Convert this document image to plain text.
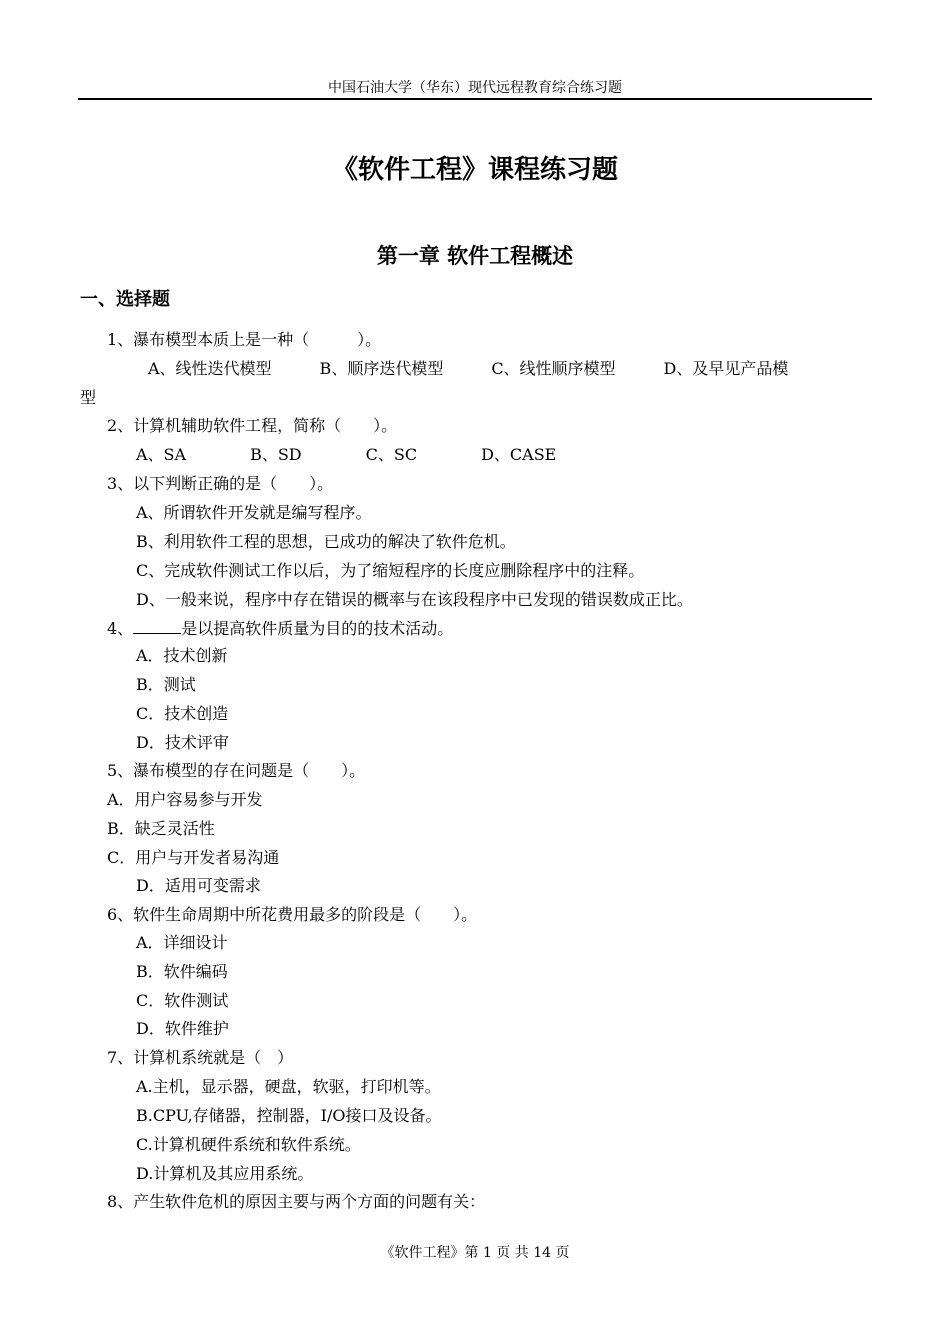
中国石油大学（华东）现代远程教育综合练习题
《软件工程》课程练习题
第一章 软件工程概述
一、选择题
1、瀑布模型本质上是一种（　　　）。
A、线性迭代模型　　　B、顺序迭代模型　　　C、线性顺序模型　　　D、及早见产品模
型
2、计算机辅助软件工程，简称（　　）。
A、SA　　　　B、SD　　　　C、SC　　　　D、CASE
3、以下判断正确的是（　　）。
A、所谓软件开发就是编写程序。
B、利用软件工程的思想，已成功的解决了软件危机。
C、完成软件测试工作以后，为了缩短程序的长度应删除程序中的注释。
D、一般来说，程序中存在错误的概率与在该段程序中已发现的错误数成正比。
4、	是以提高软件质量为目的的技术活动。
A．技术创新
B．测试
C．技术创造
D．技术评审
5、瀑布模型的存在问题是（　　）。
A．用户容易参与开发
B．缺乏灵活性
C．用户与开发者易沟通
D．适用可变需求
6、软件生命周期中所花费用最多的阶段是（　　）。
A．详细设计
B．软件编码
C．软件测试
D．软件维护
7、计算机系统就是（　）
A.主机，显示器，硬盘，软驱，打印机等。
B.CPU,存储器，控制器，I/O接口及设备。
C.计算机硬件系统和软件系统。
D.计算机及其应用系统。
8、产生软件危机的原因主要与两个方面的问题有关：
《软件工程》第 1 页 共 14 页
